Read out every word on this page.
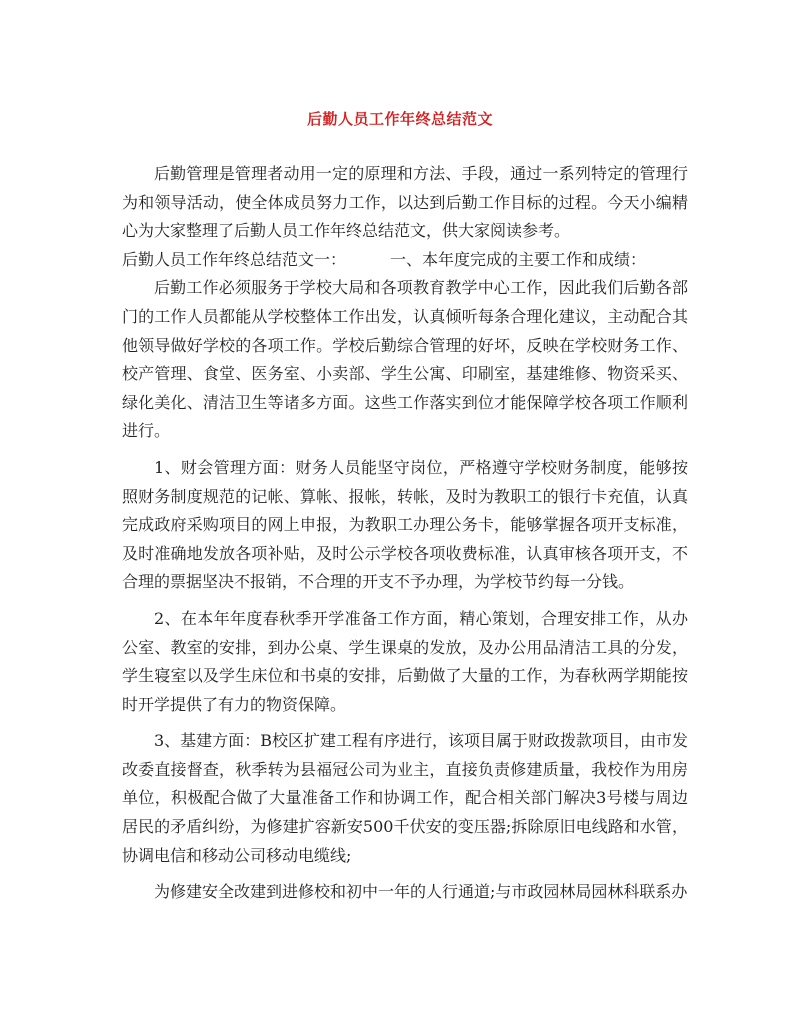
后勤人员工作年终总结范文

后勤管理是管理者动用一定的原理和方法、手段，通过一系列特定的管理行为和领导活动，使全体成员努力工作，以达到后勤工作目标的过程。今天小编精心为大家整理了后勤人员工作年终总结范文，供大家阅读参考。

后勤人员工作年终总结范文一：	一、本年度完成的主要工作和成绩：

后勤工作必须服务于学校大局和各项教育教学中心工作，因此我们后勤各部门的工作人员都能从学校整体工作出发，认真倾听每条合理化建议，主动配合其他领导做好学校的各项工作。学校后勤综合管理的好坏，反映在学校财务工作、校产管理、食堂、医务室、小卖部、学生公寓、印刷室，基建维修、物资采买、绿化美化、清洁卫生等诸多方面。这些工作落实到位才能保障学校各项工作顺利进行。

1、财会管理方面：财务人员能坚守岗位，严格遵守学校财务制度，能够按照财务制度规范的记帐、算帐、报帐，转帐，及时为教职工的银行卡充值，认真完成政府采购项目的网上申报，为教职工办理公务卡，能够掌握各项开支标准，及时准确地发放各项补贴，及时公示学校各项收费标准，认真审核各项开支，不合理的票据坚决不报销，不合理的开支不予办理，为学校节约每一分钱。

2、在本年年度春秋季开学准备工作方面，精心策划，合理安排工作，从办公室、教室的安排，到办公桌、学生课桌的发放，及办公用品清洁工具的分发，学生寝室以及学生床位和书桌的安排，后勤做了大量的工作，为春秋两学期能按时开学提供了有力的物资保障。

3、基建方面：B校区扩建工程有序进行，该项目属于财政拨款项目，由市发改委直接督查，秋季转为县福冠公司为业主，直接负责修建质量，我校作为用房单位，积极配合做了大量准备工作和协调工作，配合相关部门解决3号楼与周边居民的矛盾纠纷，为修建扩容新安500千伏安的变压器;拆除原旧电线路和水管，协调电信和移动公司移动电缆线;

为修建安全改建到进修校和初中一年的人行通道;与市政园林局园林科联系办
